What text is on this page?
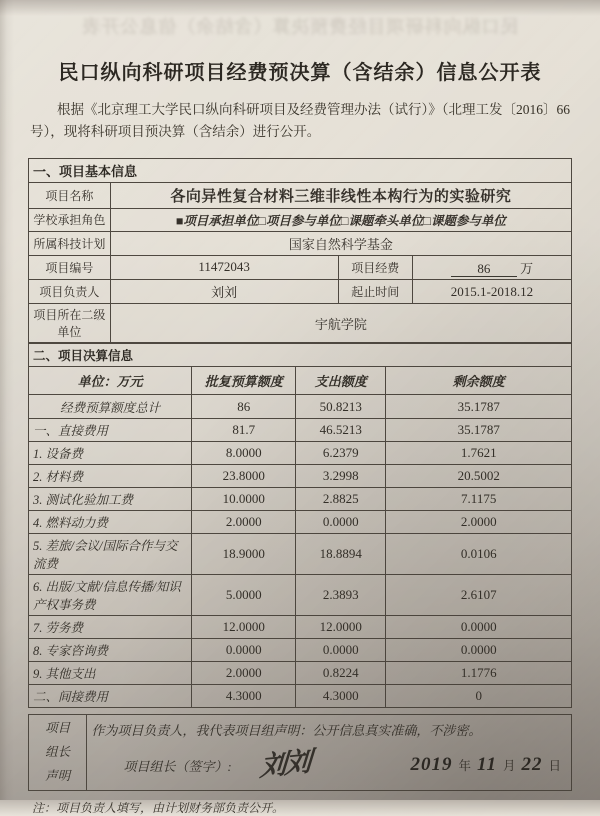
民口纵向科研项目经费预决算（含结余）信息公开表
民口纵向科研项目经费预决算（含结余）信息公开表

根据《北京理工大学民口纵向科研项目及经费管理办法（试行）》（北理工发〔2016〕66 号），现将科研项目预决算（含结余）进行公开。

一、项目基本信息			
项目名称	各向异性复合材料三维非线性本构行为的实验研究		
学校承担角色	■项目承担单位□项目参与单位□课题牵头单位□课题参与单位		
所属科技计划	国家自然科学基金		
项目编号	11472043	项目经费	86 万
项目负责人	刘刘	起止时间	2015.1-2018.12

项目所在二级
单位	宇航学院		
二、项目决算信息			
单位：万元	批复预算额度	支出额度	剩余额度
经费预算额度总计	86	50.8213	35.1787
一、直接费用	81.7	46.5213	35.1787
1. 设备费	8.0000	6.2379	1.7621
2. 材料费	23.8000	3.2998	20.5002
3. 测试化验加工费	10.0000	2.8825	7.1175
4. 燃料动力费	2.0000	0.0000	2.0000
5. 差旅/会议/国际合作与交流费	18.9000	18.8894	0.0106
6. 出版/文献/信息传播/知识产权事务费	5.0000	2.3893	2.6107
7. 劳务费	12.0000	12.0000	0.0000
8. 专家咨询费	0.0000	0.0000	0.0000
9. 其他支出	2.0000	0.8224	1.1776
二、间接费用	4.3000	4.3000	0
项目
组长
声明

作为项目负责人，我代表项目组声明：公开信息真实准确，不涉密。
项目组长（签字）: 刘刘	2019 年 11 月 22 日

注：项目负责人填写，由计划财务部负责公开。
